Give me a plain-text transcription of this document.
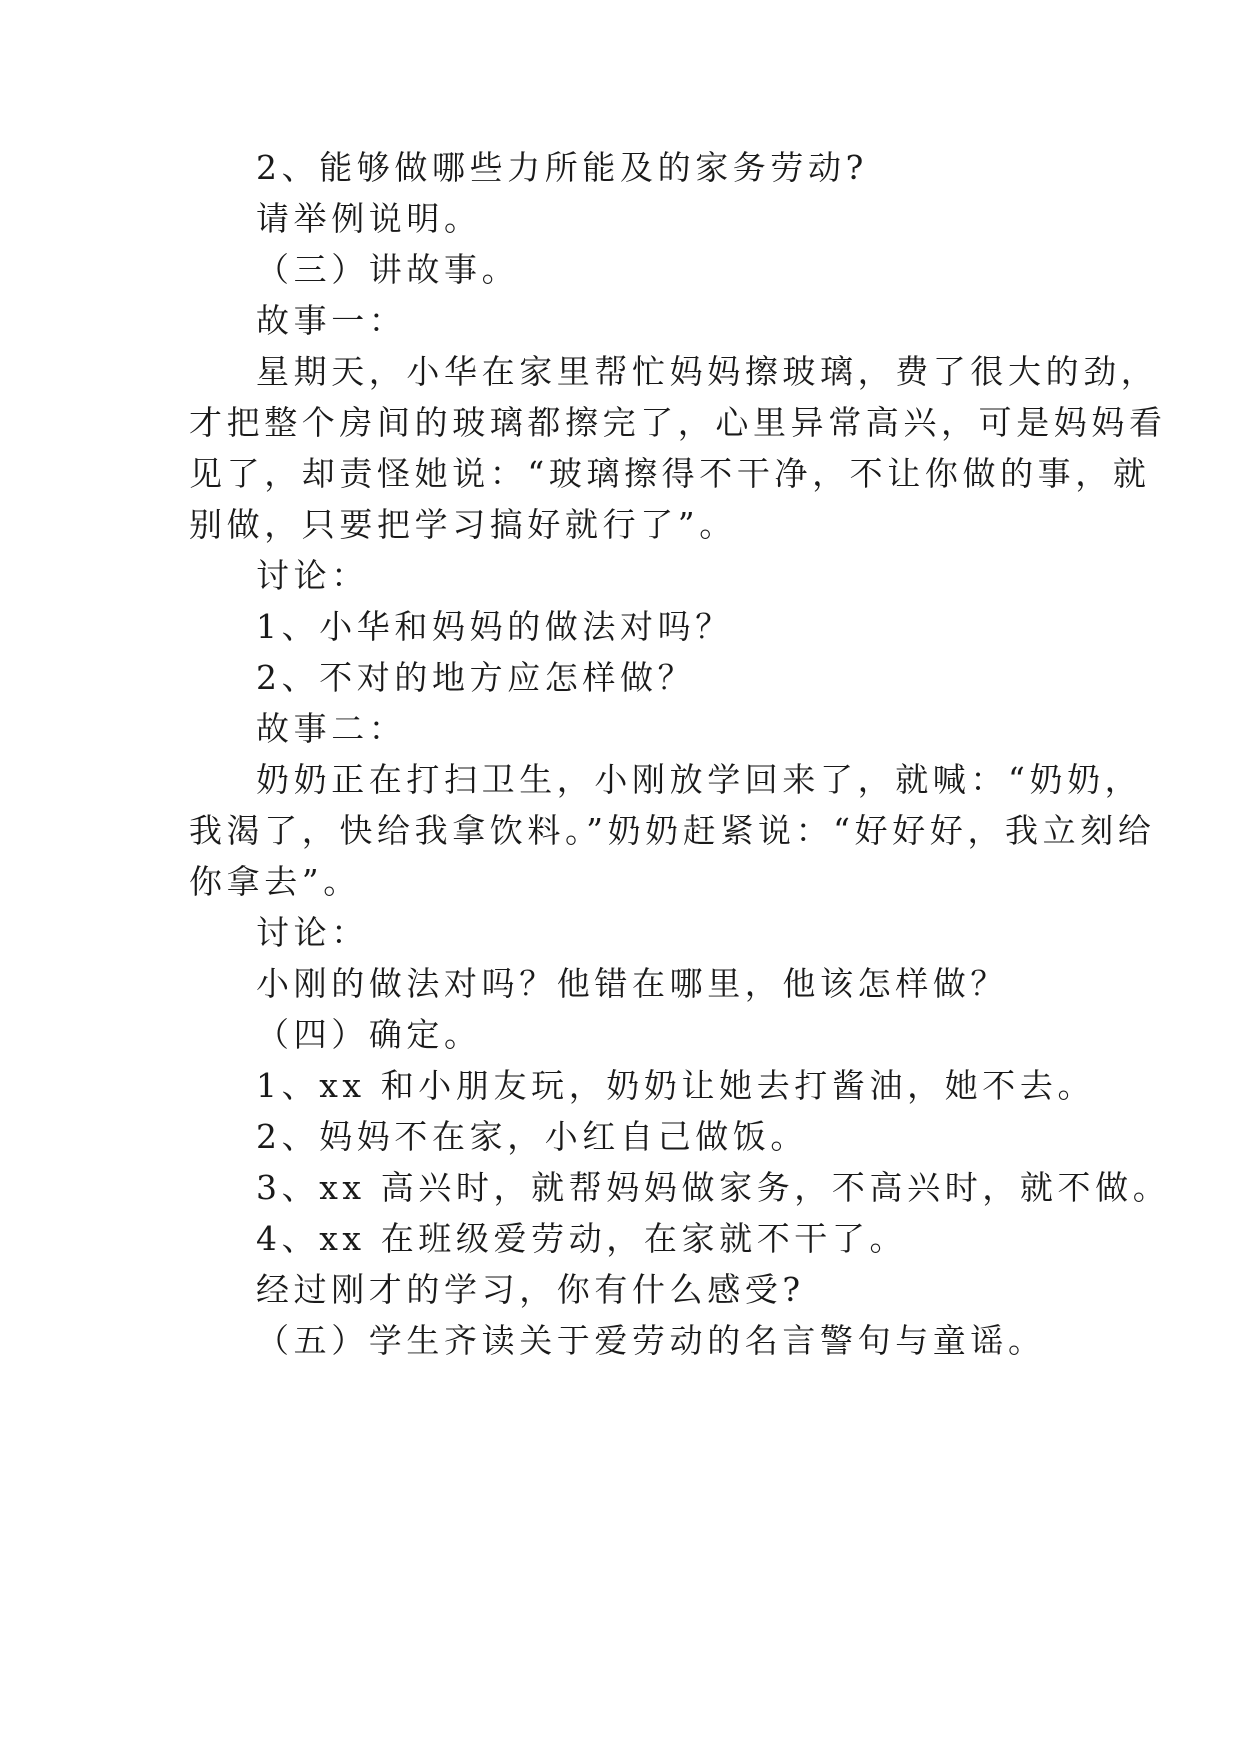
2、能够做哪些力所能及的家务劳动?
请举例说明。
（三）讲故事。
故事一：
星期天，小华在家里帮忙妈妈擦玻璃，费了很大的劲，
才把整个房间的玻璃都擦完了，心里异常高兴，可是妈妈看
见了，却责怪她说：“玻璃擦得不干净，不让你做的事，就
别做，只要把学习搞好就行了”。
讨论：
1、小华和妈妈的做法对吗？
2、不对的地方应怎样做？
故事二：
奶奶正在打扫卫生，小刚放学回来了，就喊：“奶奶，
我渴了，快给我拿饮料。”奶奶赶紧说：“好好好，我立刻给
你拿去”。
讨论：
小刚的做法对吗？他错在哪里，他该怎样做？
（四）确定。
1、xx 和小朋友玩，奶奶让她去打酱油，她不去。
2、妈妈不在家，小红自己做饭。
3、xx 高兴时，就帮妈妈做家务，不高兴时，就不做。
4、xx 在班级爱劳动，在家就不干了。
经过刚才的学习，你有什么感受?
（五）学生齐读关于爱劳动的名言警句与童谣。
